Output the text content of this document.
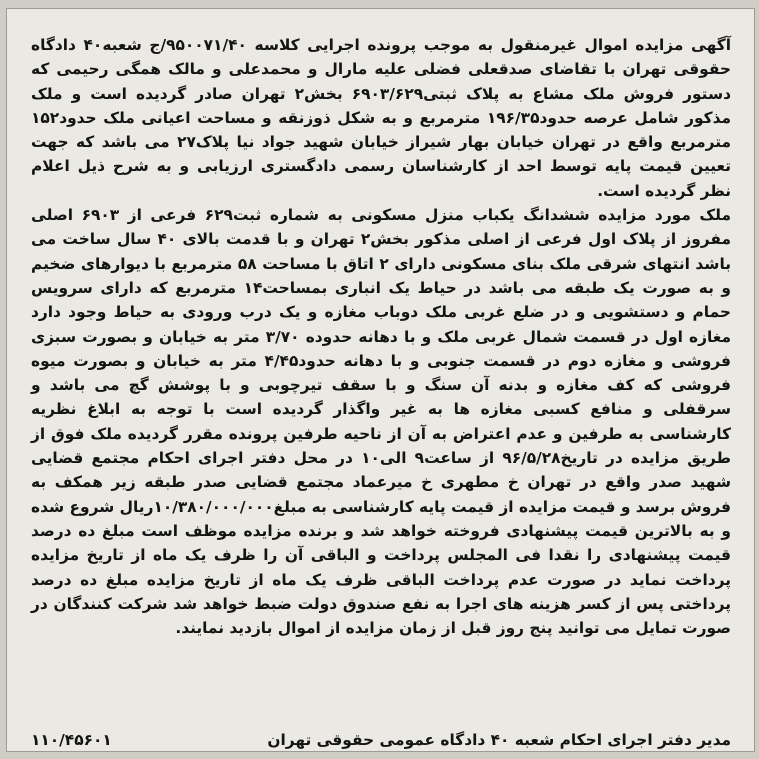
آگهی مزایده اموال غیرمنقول به موجب پرونده اجرایی کلاسه ۹۵۰۰۷۱/۴۰/ج شعبه۴۰ دادگاه حقوقی تهران با تقاضای صدقعلی فضلی علیه مارال و محمدعلی و مالک همگی رحیمی که دستور فروش ملک مشاع به پلاک ثبتی۶۹۰۳/۶۲۹ بخش۲ تهران صادر گردیده است و ملک مذکور شامل عرصه حدود۱۹۶/۳۵ مترمربع و به شکل ذوزنقه و مساحت اعیانی ملک حدود۱۵۲ مترمربع واقع در تهران خیابان بهار شیراز خیابان شهید جواد نیا پلاک۲۷ می باشد که جهت تعیین قیمت پایه توسط احد از کارشناسان رسمی دادگستری ارزیابی و به شرح ذیل اعلام نظر گردیده است.

ملک مورد مزایده ششدانگ یکباب منزل مسکونی به شماره ثبت۶۲۹ فرعی از ۶۹۰۳ اصلی مفروز از پلاک اول فرعی از اصلی مذکور بخش۲ تهران و با قدمت بالای ۴۰ سال ساخت می باشد انتهای شرقی ملک بنای مسکونی دارای ۲ اتاق با مساحت ۵۸ مترمربع با دیوارهای ضخیم و به صورت یک طبقه می باشد در حیاط یک انباری بمساحت۱۴ مترمربع که دارای سرویس حمام و دستشویی و در ضلع غربی ملک دوباب مغازه و یک درب ورودی به حیاط وجود دارد مغازه اول در قسمت شمال غربی ملک و با دهانه حدوده ۳/۷۰ متر به خیابان و بصورت سبزی فروشی و مغازه دوم در قسمت جنوبی و با دهانه حدود۴/۴۵ متر به خیابان و بصورت میوه فروشی که کف مغازه و بدنه آن سنگ و با سقف تیرچوبی و با پوشش گچ می باشد و سرقفلی و منافع کسبی مغازه ها به غیر واگذار گردیده است با توجه به ابلاغ نظریه کارشناسی به طرفین و عدم اعتراض به آن از ناحیه طرفین پرونده مقرر گردیده ملک فوق از طریق مزایده در تاریخ۹۶/۵/۲۸ از ساعت۹ الی۱۰ در محل دفتر اجرای احکام مجتمع قضایی شهید صدر واقع در تهران خ مطهری خ میرعماد مجتمع قضایی صدر طبقه زیر همکف به فروش برسد و قیمت مزایده از قیمت پایه کارشناسی به مبلغ۱۰/۳۸۰/۰۰۰/۰۰۰ریال شروع شده و به بالاترین قیمت پیشنهادی فروخته خواهد شد و برنده مزایده موظف است مبلغ ده درصد قیمت پیشنهادی را نقدا فی المجلس پرداخت و الباقی آن را ظرف یک ماه از تاریخ مزایده پرداخت نماید در صورت عدم پرداخت الباقی ظرف یک ماه از تاریخ مزایده مبلغ ده درصد پرداختی پس از کسر هزینه های اجرا به نفع صندوق دولت ضبط خواهد شد شرکت کنندگان در صورت تمایل می توانید پنج روز قبل از زمان مزایده از اموال بازدید نمایند.

مدیر دفتر اجرای احکام شعبه ۴۰ دادگاه عمومی حقوقی تهران
۱۱۰/۴۵۶۰۱
